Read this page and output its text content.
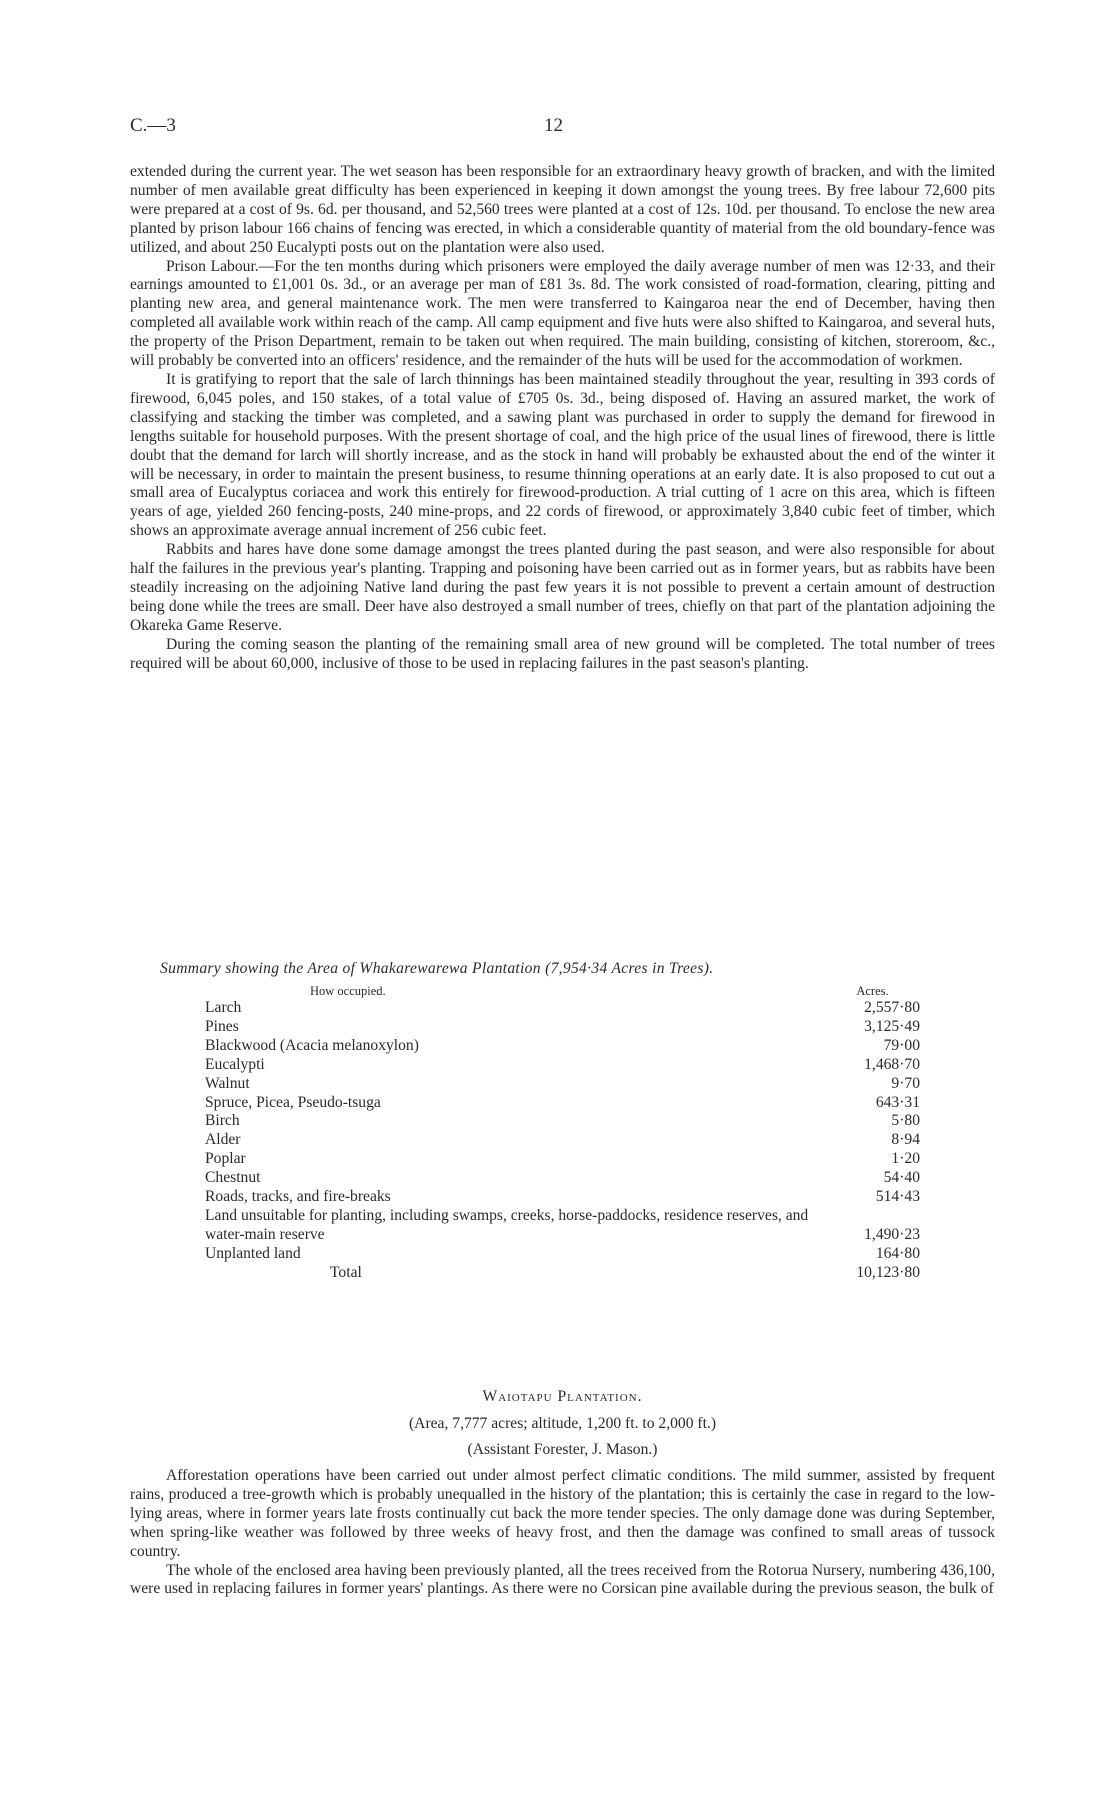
C.—3	12

extended during the current year. The wet season has been responsible for an extraordinary heavy growth of bracken, and with the limited number of men available great difficulty has been experienced in keeping it down amongst the young trees. By free labour 72,600 pits were prepared at a cost of 9s. 6d. per thousand, and 52,560 trees were planted at a cost of 12s. 10d. per thousand. To enclose the new area planted by prison labour 166 chains of fencing was erected, in which a considerable quantity of material from the old boundary-fence was utilized, and about 250 Eucalypti posts out on the plantation were also used.

Prison Labour.—For the ten months during which prisoners were employed the daily average number of men was 12·33, and their earnings amounted to £1,001 0s. 3d., or an average per man of £81 3s. 8d. The work consisted of road-formation, clearing, pitting and planting new area, and general maintenance work. The men were transferred to Kaingaroa near the end of December, having then completed all available work within reach of the camp. All camp equipment and five huts were also shifted to Kaingaroa, and several huts, the property of the Prison Department, remain to be taken out when required. The main building, consisting of kitchen, storeroom, &c., will probably be converted into an officers' residence, and the remainder of the huts will be used for the accommodation of workmen.

It is gratifying to report that the sale of larch thinnings has been maintained steadily throughout the year, resulting in 393 cords of firewood, 6,045 poles, and 150 stakes, of a total value of £705 0s. 3d., being disposed of. Having an assured market, the work of classifying and stacking the timber was completed, and a sawing plant was purchased in order to supply the demand for firewood in lengths suitable for household purposes. With the present shortage of coal, and the high price of the usual lines of firewood, there is little doubt that the demand for larch will shortly increase, and as the stock in hand will probably be exhausted about the end of the winter it will be necessary, in order to maintain the present business, to resume thinning operations at an early date. It is also proposed to cut out a small area of Eucalyptus coriacea and work this entirely for firewood-production. A trial cutting of 1 acre on this area, which is fifteen years of age, yielded 260 fencing-posts, 240 mine-props, and 22 cords of firewood, or approximately 3,840 cubic feet of timber, which shows an approximate average annual increment of 256 cubic feet.

Rabbits and hares have done some damage amongst the trees planted during the past season, and were also responsible for about half the failures in the previous year's planting. Trapping and poisoning have been carried out as in former years, but as rabbits have been steadily increasing on the adjoining Native land during the past few years it is not possible to prevent a certain amount of destruction being done while the trees are small. Deer have also destroyed a small number of trees, chiefly on that part of the plantation adjoining the Okareka Game Reserve.

During the coming season the planting of the remaining small area of new ground will be completed. The total number of trees required will be about 60,000, inclusive of those to be used in replacing failures in the past season's planting.

Summary showing the Area of Whakarewarewa Plantation (7,954·34 Acres in Trees).
How occupied.	Acres.
Larch	2,557·80
Pines	3,125·49
Blackwood (Acacia melanoxylon)	79·00
Eucalypti	1,468·70
Walnut	9·70
Spruce, Picea, Pseudo-tsuga	643·31
Birch	5·80
Alder	8·94
Poplar	1·20
Chestnut	54·40
Roads, tracks, and fire-breaks	514·43
Land unsuitable for planting, including swamps, creeks, horse-paddocks, residence reserves, and water-main reserve	1,490·23
Unplanted land	164·80
Total	10,123·80
Waiotapu Plantation.
(Area, 7,777 acres; altitude, 1,200 ft. to 2,000 ft.)
(Assistant Forester, J. Mason.)

Afforestation operations have been carried out under almost perfect climatic conditions. The mild summer, assisted by frequent rains, produced a tree-growth which is probably unequalled in the history of the plantation; this is certainly the case in regard to the low-lying areas, where in former years late frosts continually cut back the more tender species. The only damage done was during September, when spring-like weather was followed by three weeks of heavy frost, and then the damage was confined to small areas of tussock country.

The whole of the enclosed area having been previously planted, all the trees received from the Rotorua Nursery, numbering 436,100, were used in replacing failures in former years' plantings. As there were no Corsican pine available during the previous season, the bulk of
